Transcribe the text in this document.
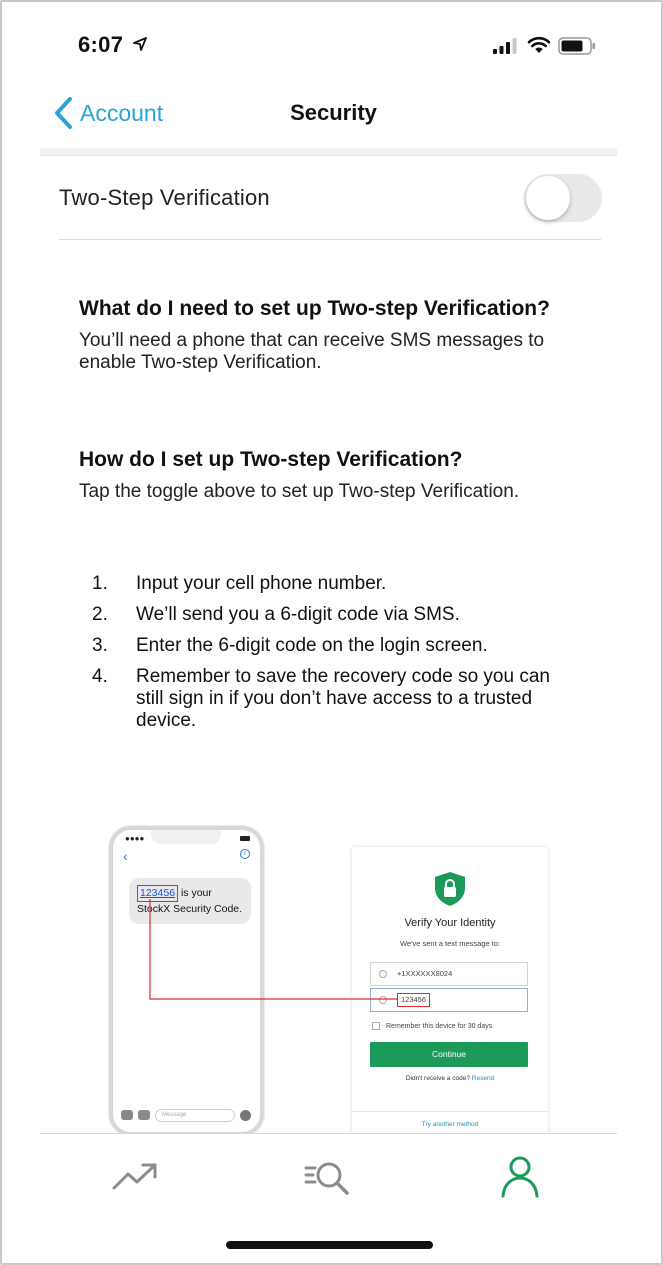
6:07
Account	Security
Two-Step Verification
What do I need to set up Two-step Verification?
You’ll need a phone that can receive SMS messages to enable Two-step Verification.
How do I set up Two-step Verification?
Tap the toggle above to set up Two-step Verification.
1.	Input your cell phone number.
2.	We’ll send you a 6-digit code via SMS.
3.	Enter the 6-digit code on the login screen.
4.	Remember to save the recovery code so you can still sign in if you don’t have access to a trusted device.
●●●●
‹	i
123456 is your StockX Security Code.
Message
Verify Your Identity
We've sent a text message to:
+1XXXXXX8024
123456
Remember this device for 30 days
Continue
Didn't receive a code? Resend
Try another method
